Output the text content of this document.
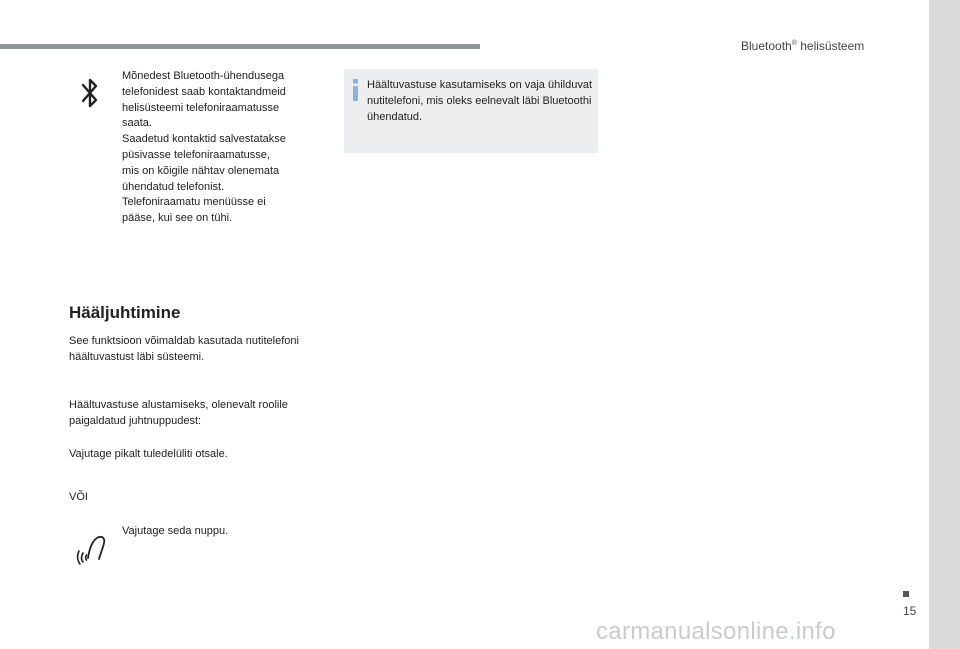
Bluetooth® helisüsteem

Mõnedest Bluetooth-ühendusega

telefonidest saab kontaktandmeid

helisüsteemi telefoniraamatusse

saata.

Saadetud kontaktid salvestatakse

püsivasse telefoniraamatusse,

mis on kõigile nähtav olenemata

ühendatud telefonist.

Telefoniraamatu menüüsse ei

pääse, kui see on tühi.

Häältuvastuse kasutamiseks on vaja ühilduvat nutitelefoni, mis oleks eelnevalt läbi Bluetoothi ühendatud.

Hääljuhtimine

See funktsioon võimaldab kasutada nutitelefoni häältuvastust läbi süsteemi.

Häältuvastuse alustamiseks, olenevalt roolile paigaldatud juhtnuppudest:

Vajutage pikalt tuledelüliti otsale.

VÕI

Vajutage seda nuppu.

15
carmanualsonline.info
